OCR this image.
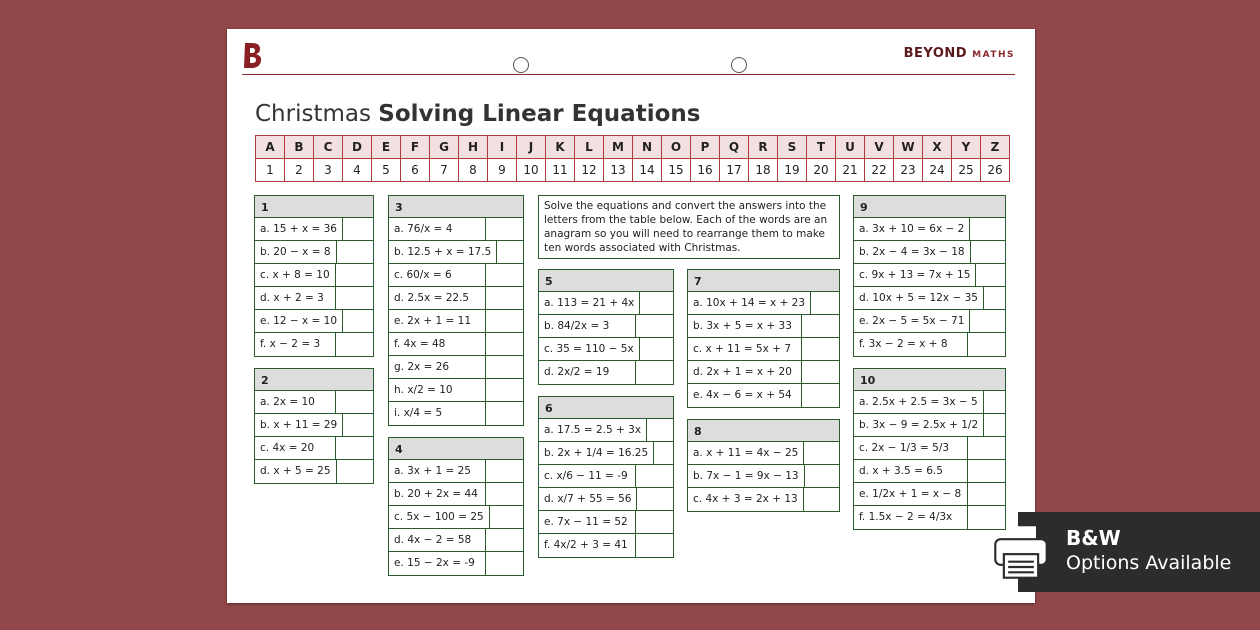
BEYOND MATHS
Christmas Solving Linear Equations
A	B	C	D	E	F	G	H	I	J	K	L	M	N	O	P	Q	R	S	T	U	V	W	X	Y	Z
1	2	3	4	5	6	7	8	9	10	11	12	13	14	15	16	17	18	19	20	21	22	23	24	25	26
Solve the equations and convert the answers into the letters from the table below. Each of the words are an anagram so you will need to rearrange them to make ten words associated with Christmas.
1
a. 15 + x = 36
b. 20 − x = 8
c. x + 8 = 10
d. x + 2 = 3
e. 12 − x = 10
f. x − 2 = 3
2
a. 2x = 10
b. x + 11 = 29
c. 4x = 20
d. x + 5 = 25
3
a. 76/x = 4
b. 12.5 + x = 17.5
c. 60/x = 6
d. 2.5x = 22.5
e. 2x + 1 = 11
f. 4x = 48
g. 2x = 26
h. x/2 = 10
i. x/4 = 5
4
a. 3x + 1 = 25
b. 20 + 2x = 44
c. 5x − 100 = 25
d. 4x − 2 = 58
e. 15 − 2x = -9
5
a. 113 = 21 + 4x
b. 84/2x = 3
c. 35 = 110 − 5x
d. 2x/2 = 19
6
a. 17.5 = 2.5 + 3x
b. 2x + 1/4 = 16.25
c. x/6 − 11 = -9
d. x/7 + 55 = 56
e. 7x − 11 = 52
f. 4x/2 + 3 = 41
7
a. 10x + 14 = x + 23
b. 3x + 5 = x + 33
c. x + 11 = 5x + 7
d. 2x + 1 = x + 20
e. 4x − 6 = x + 54
8
a. x + 11 = 4x − 25
b. 7x − 1 = 9x − 13
c. 4x + 3 = 2x + 13
9
a. 3x + 10 = 6x − 2
b. 2x − 4 = 3x − 18
c. 9x + 13 = 7x + 15
d. 10x + 5 = 12x − 35
e. 2x − 5 = 5x − 71
f. 3x − 2 = x + 8
10
a. 2.5x + 2.5 = 3x − 5
b. 3x − 9 = 2.5x + 1/2
c. 2x − 1/3 = 5/3
d. x + 3.5 = 6.5
e. 1/2x + 1 = x − 8
f. 1.5x − 2 = 4/3x
B&W
Options Available
